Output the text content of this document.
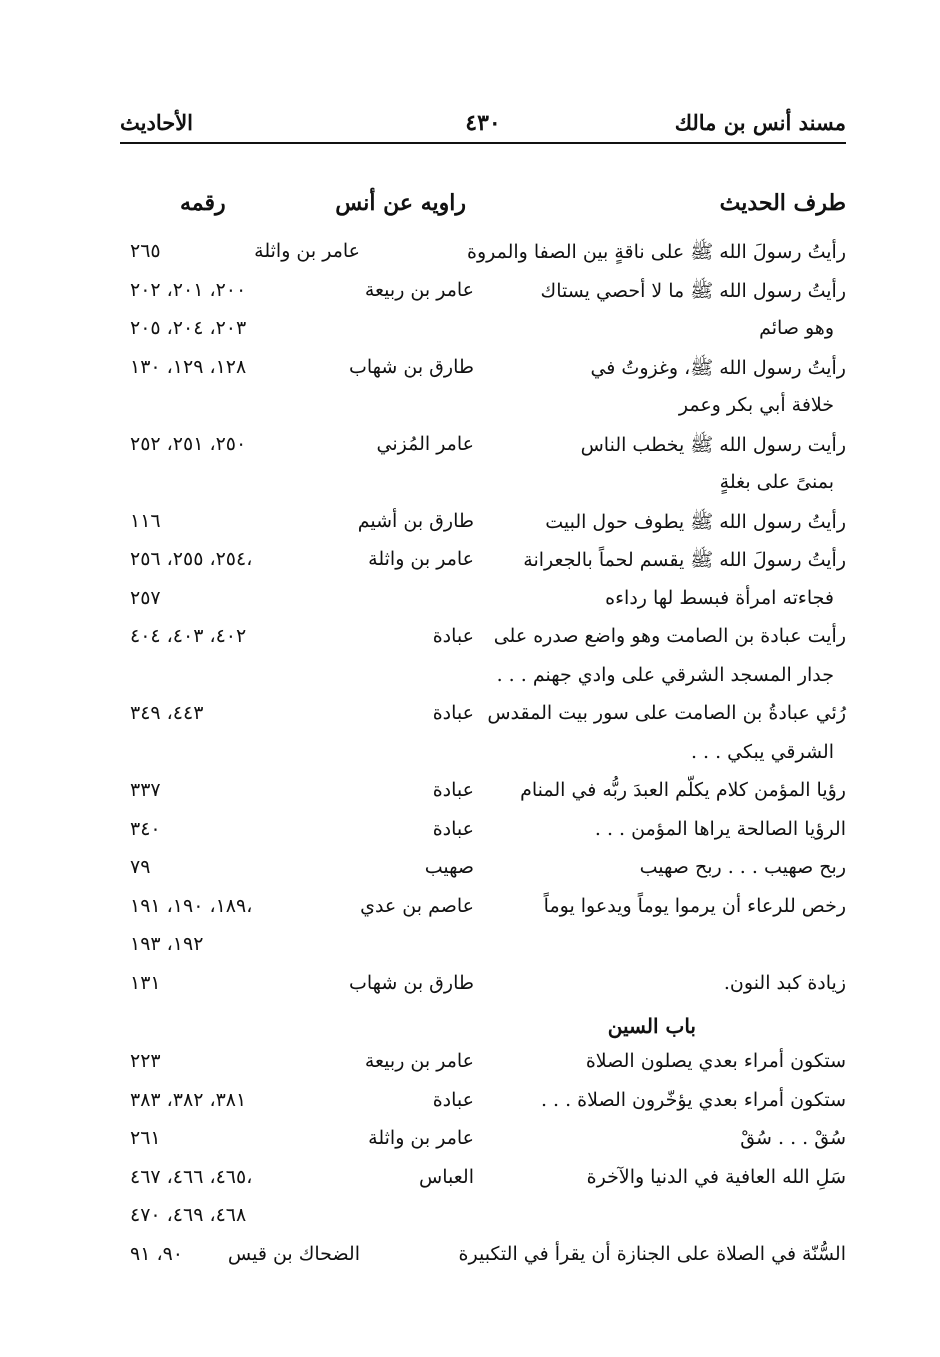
مسند أنس بن مالك
٤٣٠
الأحاديث
طرف الحديث
راويه عن أنس
رقمه
رأيتُ رسولَ الله ﷺ على ناقةٍ بين الصفا والمروة
عامر بن واثلة
٢٦٥
رأيتُ رسول الله ﷺ ما لا أحصي يستاك
عامر بن ربيعة
٢٠٠، ٢٠١، ٢٠٢
وهو صائم
٢٠٣، ٢٠٤، ٢٠٥
رأيتُ رسول الله ﷺ، وغزوتُ في
طارق بن شهاب
١٢٨، ١٢٩، ١٣٠
خلافة أبي بكر وعمر
رأيت رسول الله ﷺ يخطب الناس
عامر المُزني
٢٥٠، ٢٥١، ٢٥٢
بمنىً على بغلةٍ
رأيتُ رسول الله ﷺ يطوف حول البيت
طارق بن أشيم
١١٦
رأيتُ رسولَ الله ﷺ يقسم لحماً بالجعرانة
عامر بن واثلة
٢٥٤، ٢٥٥، ٢٥٦،
فجاءته امرأة فبسط لها رداءه
٢٥٧
رأيت عبادة بن الصامت وهو واضع صدره على
عبادة
٤٠٢، ٤٠٣، ٤٠٤
جدار المسجد الشرقي على وادي جهنم . . .
رُئي عبادةُ بن الصامت على سور بيت المقدس
عبادة
٤٤٣، ٣٤٩
الشرقي يبكي . . .
رؤيا المؤمن كلام يكلّم العبدَ ربُّه في المنام
عبادة
٣٣٧
الرؤيا الصالحة يراها المؤمن . . .
عبادة
٣٤٠
ربح صهيب . . . ربح صهيب
صهيب
٧٩
رخص للرعاء أن يرموا يوماً ويدعوا يوماً
عاصم بن عدي
١٨٩، ١٩٠، ١٩١،
١٩٢، ١٩٣
زيادة كبد النون.
طارق بن شهاب
١٣١
باب السين
ستكون أمراء بعدي يصلون الصلاة
عامر بن ربيعة
٢٢٣
ستكون أمراء بعدي يؤخّرون الصلاة . . .
عبادة
٣٨١، ٣٨٢، ٣٨٣
سُقْ . . . سُقْ
عامر بن واثلة
٢٦١
سَلِ الله العافية في الدنيا والآخرة
العباس
٤٦٥، ٤٦٦، ٤٦٧،
٤٦٨، ٤٦٩، ٤٧٠
السُّنّة في الصلاة على الجنازة أن يقرأ في التكبيرة
الضحاك بن قيس
٩٠، ٩١
